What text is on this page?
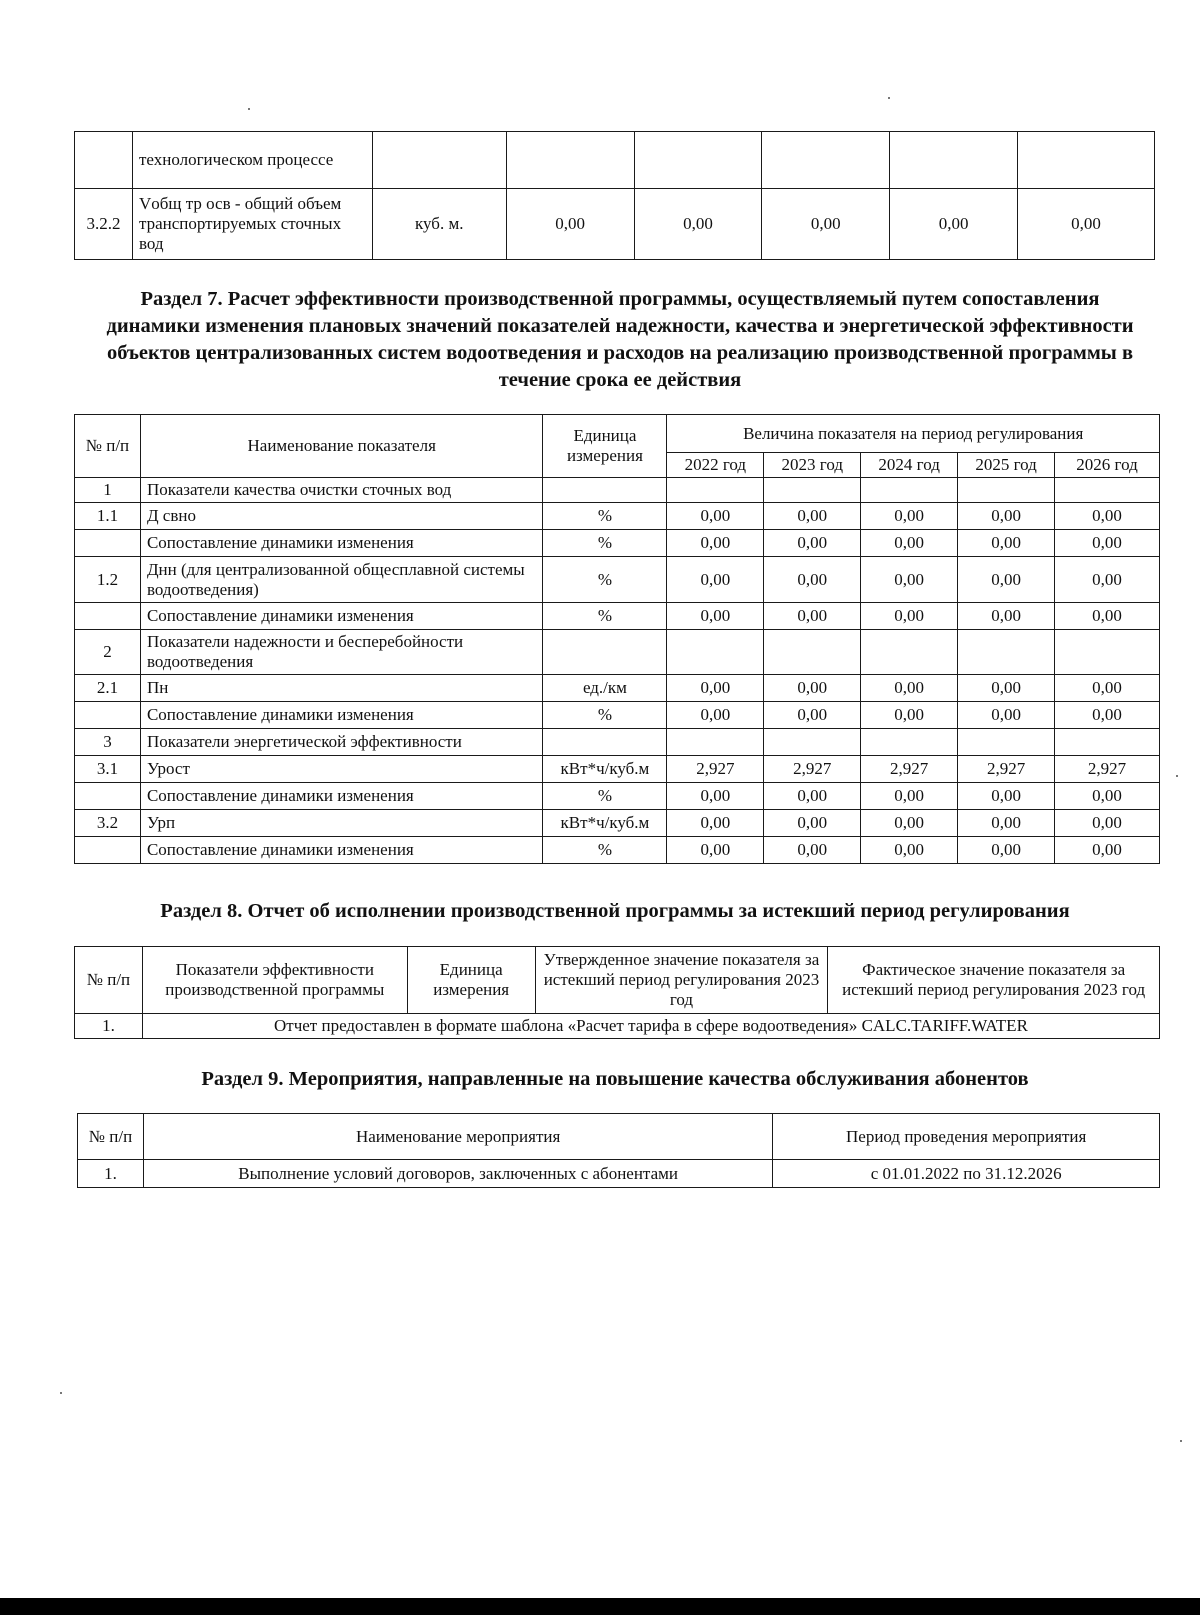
	технологическом процессе						
3.2.2	Vобщ тр осв - общий объем транспортируемых сточных вод	куб. м.	0,00	0,00	0,00	0,00	0,00
Раздел 7. Расчет эффективности производственной программы, осуществляемый путем сопоставления динамики изменения плановых значений показателей надежности, качества и энергетической эффективности объектов централизованных систем водоотведения и расходов на реализацию производственной программы в течение срока ее действия
№ п/п	Наименование показателя	Единица измерения	Величина показателя на период регулирования				
			2022 год	2023 год	2024 год	2025 год	2026 год
1	Показатели качества очистки сточных вод						
1.1	Д свно	%	0,00	0,00	0,00	0,00	0,00
	Сопоставление динамики изменения	%	0,00	0,00	0,00	0,00	0,00
1.2	Днн (для централизованной общесплавной системы водоотведения)	%	0,00	0,00	0,00	0,00	0,00
	Сопоставление динамики изменения	%	0,00	0,00	0,00	0,00	0,00
2	Показатели надежности и бесперебойности водоотведения						
2.1	Пн	ед./км	0,00	0,00	0,00	0,00	0,00
	Сопоставление динамики изменения	%	0,00	0,00	0,00	0,00	0,00
3	Показатели энергетической эффективности						
3.1	Урост	кВт*ч/куб.м	2,927	2,927	2,927	2,927	2,927
	Сопоставление динамики изменения	%	0,00	0,00	0,00	0,00	0,00
3.2	Урп	кВт*ч/куб.м	0,00	0,00	0,00	0,00	0,00
	Сопоставление динамики изменения	%	0,00	0,00	0,00	0,00	0,00
Раздел 8. Отчет об исполнении производственной программы за истекший период регулирования
№ п/п	Показатели эффективности производственной программы	Единица измерения	Утвержденное значение показателя за истекший период регулирования 2023 год	Фактическое значение показателя за истекший период регулирования 2023 год
1.	Отчет предоставлен в формате шаблона «Расчет тарифа в сфере водоотведения» CALC.TARIFF.WATER			
Раздел 9. Мероприятия, направленные на повышение качества обслуживания абонентов
№ п/п	Наименование мероприятия	Период проведения мероприятия
1.	Выполнение условий договоров, заключенных с абонентами	с 01.01.2022 по 31.12.2026
